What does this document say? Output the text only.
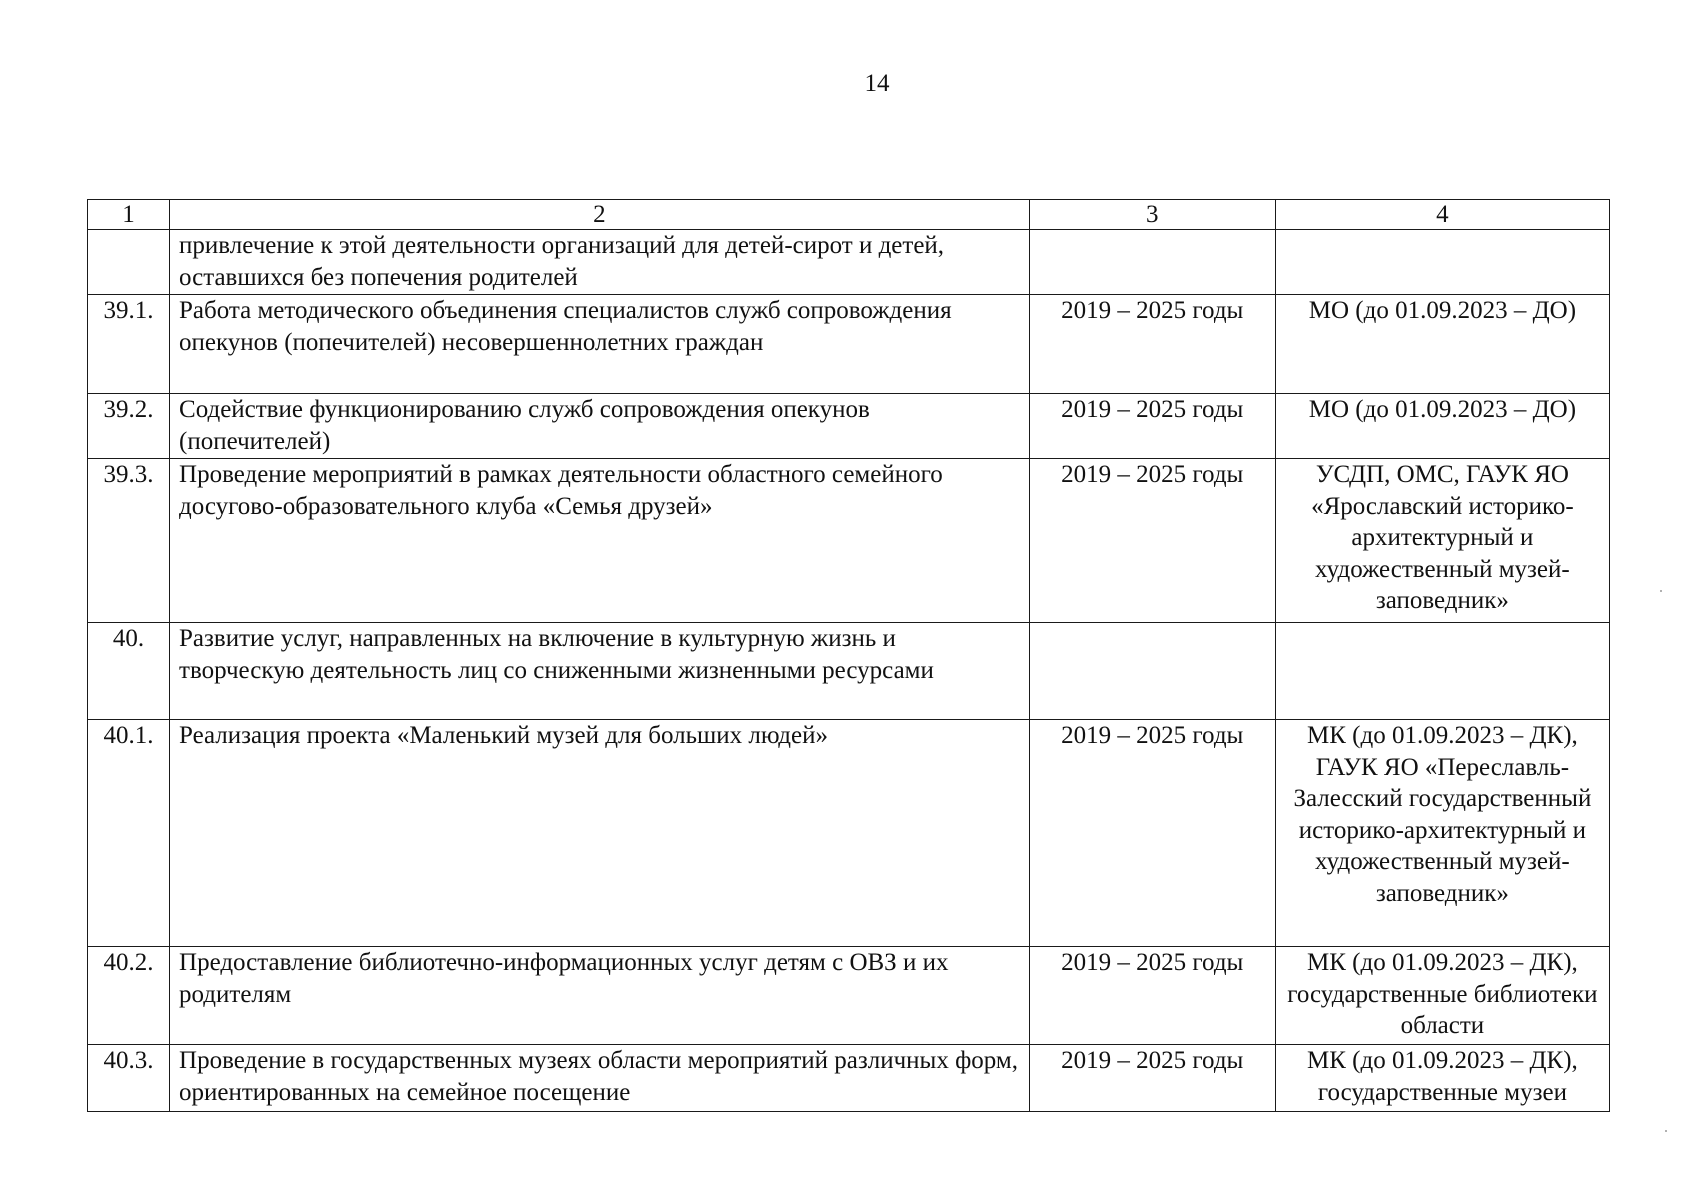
14
1	2	3	4
	привлечение к этой деятельности организаций для детей-сирот и детей, оставшихся без попечения родителей		
39.1.	Работа методического объединения специалистов служб сопровождения опекунов (попечителей) несовершеннолетних граждан	2019 – 2025 годы	МО (до 01.09.2023 – ДО)
39.2.	Содействие функционированию служб сопровождения опекунов (попечителей)	2019 – 2025 годы	МО (до 01.09.2023 – ДО)
39.3.	Проведение мероприятий в рамках деятельности областного семейного досугово-образовательного клуба «Семья друзей»	2019 – 2025 годы	УСДП, ОМС, ГАУК ЯО «Ярославский историко-архитектурный и художественный музей-заповедник»
40.	Развитие услуг, направленных на включение в культурную жизнь и творческую деятельность лиц со сниженными жизненными ресурсами		
40.1.	Реализация проекта «Маленький музей для больших людей»	2019 – 2025 годы	МК (до 01.09.2023 – ДК), ГАУК ЯО «Переславль-Залесский государственный историко-архитектурный и художественный музей-заповедник»
40.2.	Предоставление библиотечно-информационных услуг детям с ОВЗ и их родителям	2019 – 2025 годы	МК (до 01.09.2023 – ДК), государственные библиотеки области
40.3.	Проведение в государственных музеях области мероприятий различных форм, ориентированных на семейное посещение	2019 – 2025 годы	МК (до 01.09.2023 – ДК), государственные музеи
